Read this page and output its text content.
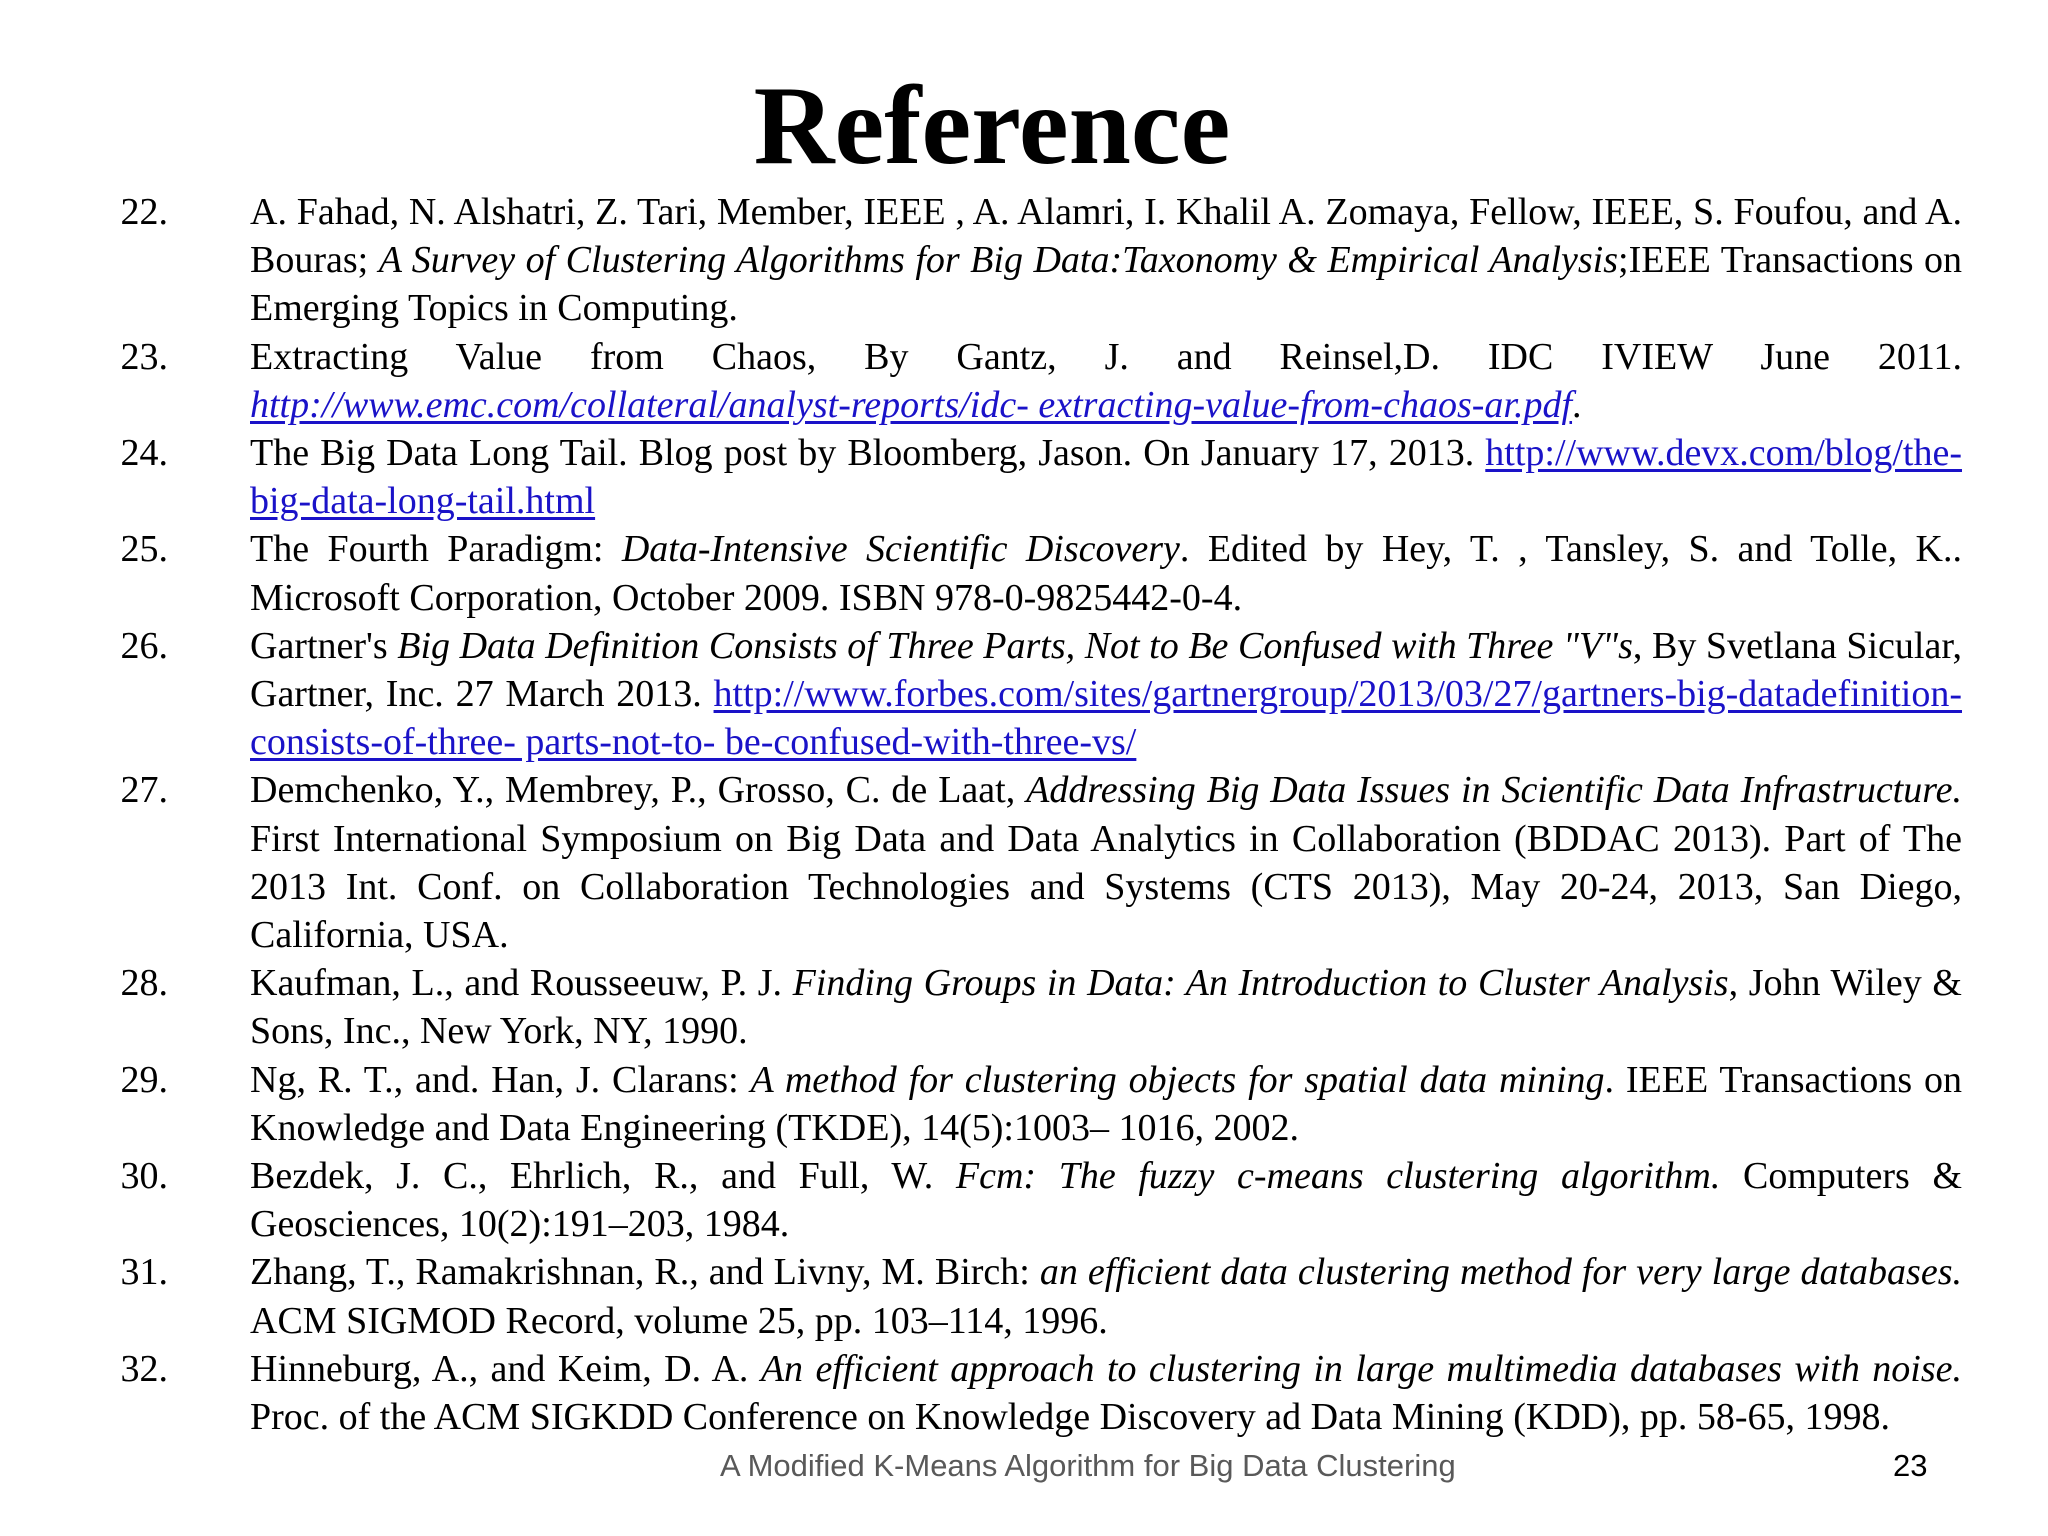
Reference
22. A. Fahad, N. Alshatri, Z. Tari, Member, IEEE , A. Alamri, I. Khalil A. Zomaya, Fellow, IEEE, S. Foufou, and A. Bouras; A Survey of Clustering Algorithms for Big Data:Taxonomy & Empirical Analysis;IEEE Transactions on Emerging Topics in Computing.
23. Extracting Value from Chaos, By Gantz, J. and Reinsel,D. IDC IVIEW June 2011. http://www.emc.com/collateral/analyst-reports/idc- extracting-value-from-chaos-ar.pdf.
24. The Big Data Long Tail. Blog post by Bloomberg, Jason. On January 17, 2013. http://www.devx.com/blog/the-big-data-long-tail.html
25. The Fourth Paradigm: Data-Intensive Scientific Discovery. Edited by Hey, T. , Tansley, S. and Tolle, K.. Microsoft Corporation, October 2009. ISBN 978-0-9825442-0-4.
26. Gartner's Big Data Definition Consists of Three Parts, Not to Be Confused with Three "V"s, By Svetlana Sicular, Gartner, Inc. 27 March 2013. http://www.forbes.com/sites/gartnergroup/2013/03/27/gartners-big-datadefinition-consists-of-three- parts-not-to- be-confused-with-three-vs/
27. Demchenko, Y., Membrey, P., Grosso, C. de Laat, Addressing Big Data Issues in Scientific Data Infrastructure. First International Symposium on Big Data and Data Analytics in Collaboration (BDDAC 2013). Part of The 2013 Int. Conf. on Collaboration Technologies and Systems (CTS 2013), May 20-24, 2013, San Diego, California, USA.
28. Kaufman, L., and Rousseeuw, P. J. Finding Groups in Data: An Introduction to Cluster Analysis, John Wiley & Sons, Inc., New York, NY, 1990.
29. Ng, R. T., and. Han, J. Clarans: A method for clustering objects for spatial data mining. IEEE Transactions on Knowledge and Data Engineering (TKDE), 14(5):1003– 1016, 2002.
30. Bezdek, J. C., Ehrlich, R., and Full, W. Fcm: The fuzzy c-means clustering algorithm. Computers & Geosciences, 10(2):191–203, 1984.
31. Zhang, T., Ramakrishnan, R., and Livny, M. Birch: an efficient data clustering method for very large databases. ACM SIGMOD Record, volume 25, pp. 103–114, 1996.
32. Hinneburg, A., and Keim, D. A. An efficient approach to clustering in large multimedia databases with noise. Proc. of the ACM SIGKDD Conference on Knowledge Discovery ad Data Mining (KDD), pp. 58-65, 1998.
A Modified K-Means Algorithm for Big Data Clustering	23
